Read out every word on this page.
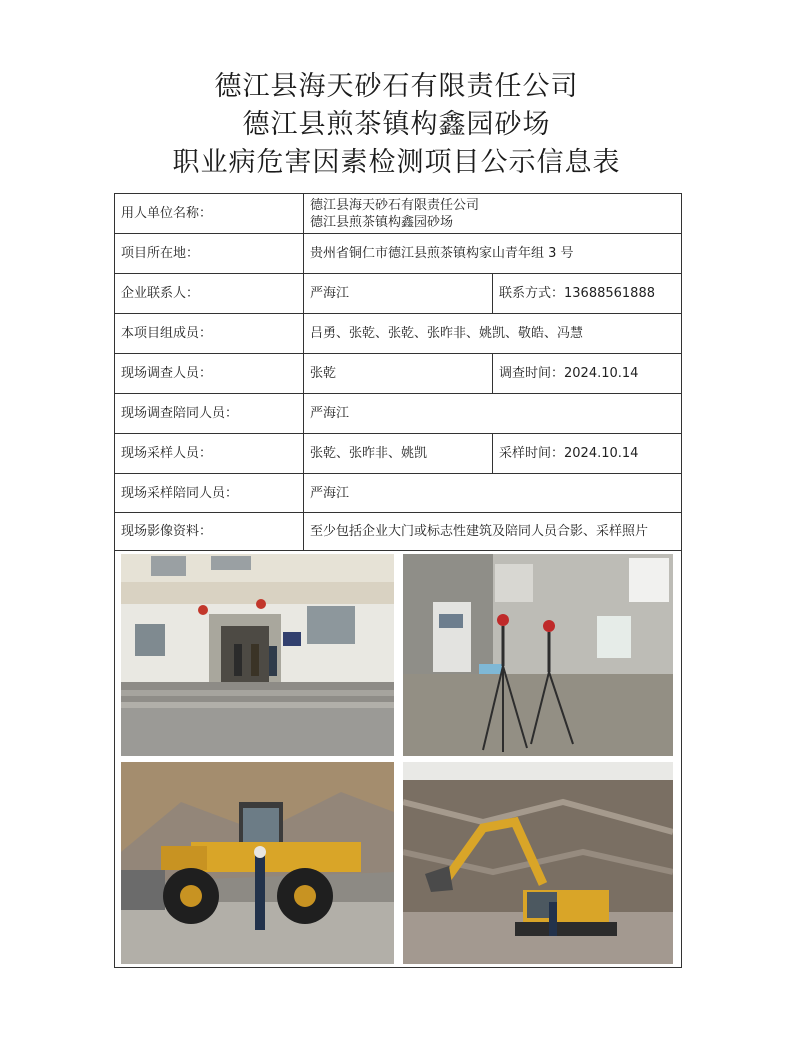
德江县海天砂石有限责任公司
德江县煎茶镇构鑫园砂场
职业病危害因素检测项目公示信息表
用人单位名称：	德江县海天砂石有限责任公司
德江县煎茶镇构鑫园砂场	

项目所在地：	贵州省铜仁市德江县煎茶镇构家山青年组 3 号	
企业联系人：	严海江	联系方式：13688561888
本项目组成员：	吕勇、张乾、张乾、张昨非、姚凯、敬皓、冯慧	
现场调查人员：	张乾	调查时间：2024.10.14
现场调查陪同人员：	严海江	
现场采样人员：	张乾、张昨非、姚凯	采样时间：2024.10.14
现场采样陪同人员：	严海江	
现场影像资料：	至少包括企业大门或标志性建筑及陪同人员合影、采样照片	
